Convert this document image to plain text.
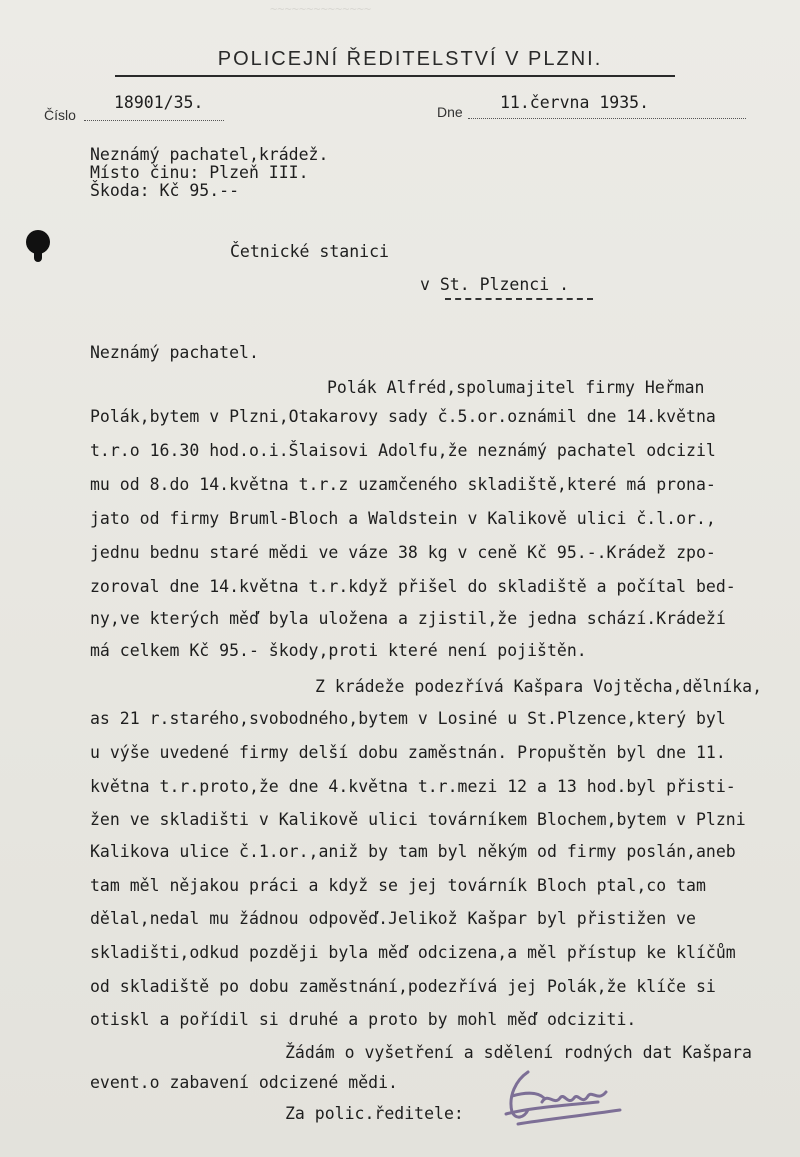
~~~~~~~~~~~~~~
POLICEJNÍ ŘEDITELSTVÍ V PLZNI.
Číslo
18901/35.	Dne 11.června 1935.
Neznámý pachatel,krádež.
Místo činu: Plzeň III.
Škoda: Kč 95.--
Četnické stanici
v St. Plzenci .
Neznámý pachatel.
Polák Alfréd,spolumajitel firmy Heřman
Polák,bytem v Plzni,Otakarovy sady č.5.or.oznámil dne 14.května
t.r.o 16.30 hod.o.i.Šlaisovi Adolfu,že neznámý pachatel odcizil
mu od 8.do 14.května t.r.z uzamčeného skladiště,které má prona-
jato od firmy Bruml-Bloch a Waldstein v Kalikově ulici č.l.or.,
jednu bednu staré mědi ve váze 38 kg v ceně Kč 95.-.Krádež zpo-
zoroval dne 14.května t.r.když přišel do skladiště a počítal bed-
ny,ve kterých měď byla uložena a zjistil,že jedna schází.Krádeží
má celkem Kč 95.- škody,proti které není pojištěn.
Z krádeže podezřívá Kašpara Vojtěcha,dělníka,
as 21 r.starého,svobodného,bytem v Losiné u St.Plzence,který byl
u výše uvedené firmy delší dobu zaměstnán. Propuštěn byl dne 11.
května t.r.proto,že dne 4.května t.r.mezi 12 a 13 hod.byl přisti-
žen ve skladišti v Kalikově ulici továrníkem Blochem,bytem v Plzni
Kalikova ulice č.1.or.,aniž by tam byl někým od firmy poslán,aneb
tam měl nějakou práci a když se jej továrník Bloch ptal,co tam
dělal,nedal mu žádnou odpověď.Jelikož Kašpar byl přistižen ve
skladišti,odkud později byla měď odcizena,a měl přístup ke klíčům
od skladiště po dobu zaměstnání,podezřívá jej Polák,že klíče si
otiskl a pořídil si druhé a proto by mohl měď odciziti.
Žádám o vyšetření a sdělení rodných dat Kašpara
event.o zabavení odcizené mědi.
Za polic.ředitele:
